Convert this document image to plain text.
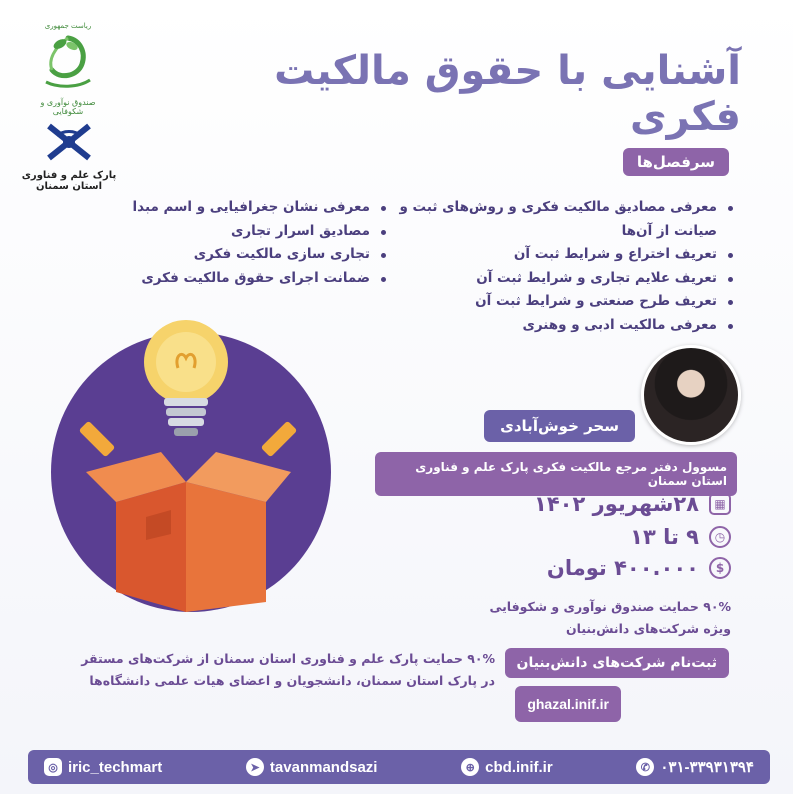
ریاست جمهوری
صندوق نوآوری و شکوفایی
پارک علم و فناوری استان سمنان
آشنایی با حقوق مالکیت فکری
سرفصل‌ها
معرفی مصادیق مالکیت فکری و روش‌های ثبت و صیانت از آن‌ها
تعریف اختراع و شرایط ثبت آن
تعریف علایم تجاری و شرایط ثبت آن
تعریف طرح صنعتی و شرایط ثبت آن
معرفی مالکیت ادبی و وهنری
معرفی نشان جغرافیایی و اسم مبدا
مصادیق اسرار تجاری
تجاری سازی مالکیت فکری
ضمانت اجرای حقوق مالکیت فکری
سحر خوش‌آبادی
مسوول دفتر مرجع مالکیت فکری پارک علم و فناوری استان سمنان
▦
۲۸شهریور ۱۴۰۲
◷
۹ تا ۱۳
$
۴۰۰.۰۰۰ تومان
۹۰% حمایت صندوق نوآوری و شکوفایی
ویژه شرکت‌های دانش‌بنیان
ثبت‌نام شرکت‌های دانش‌بنیان
۹۰% حمایت پارک علم و فناوری استان سمنان از شرکت‌های مستقر در پارک استان سمنان، دانشجویان و اعضای هیات علمی دانشگاه‌ها
ghazal.inif.ir
◎ iric_techmart	➤ tavanmandsazi	⊕ cbd.inif.ir	✆ ۰۳۱-۳۳۹۳۱۳۹۴
